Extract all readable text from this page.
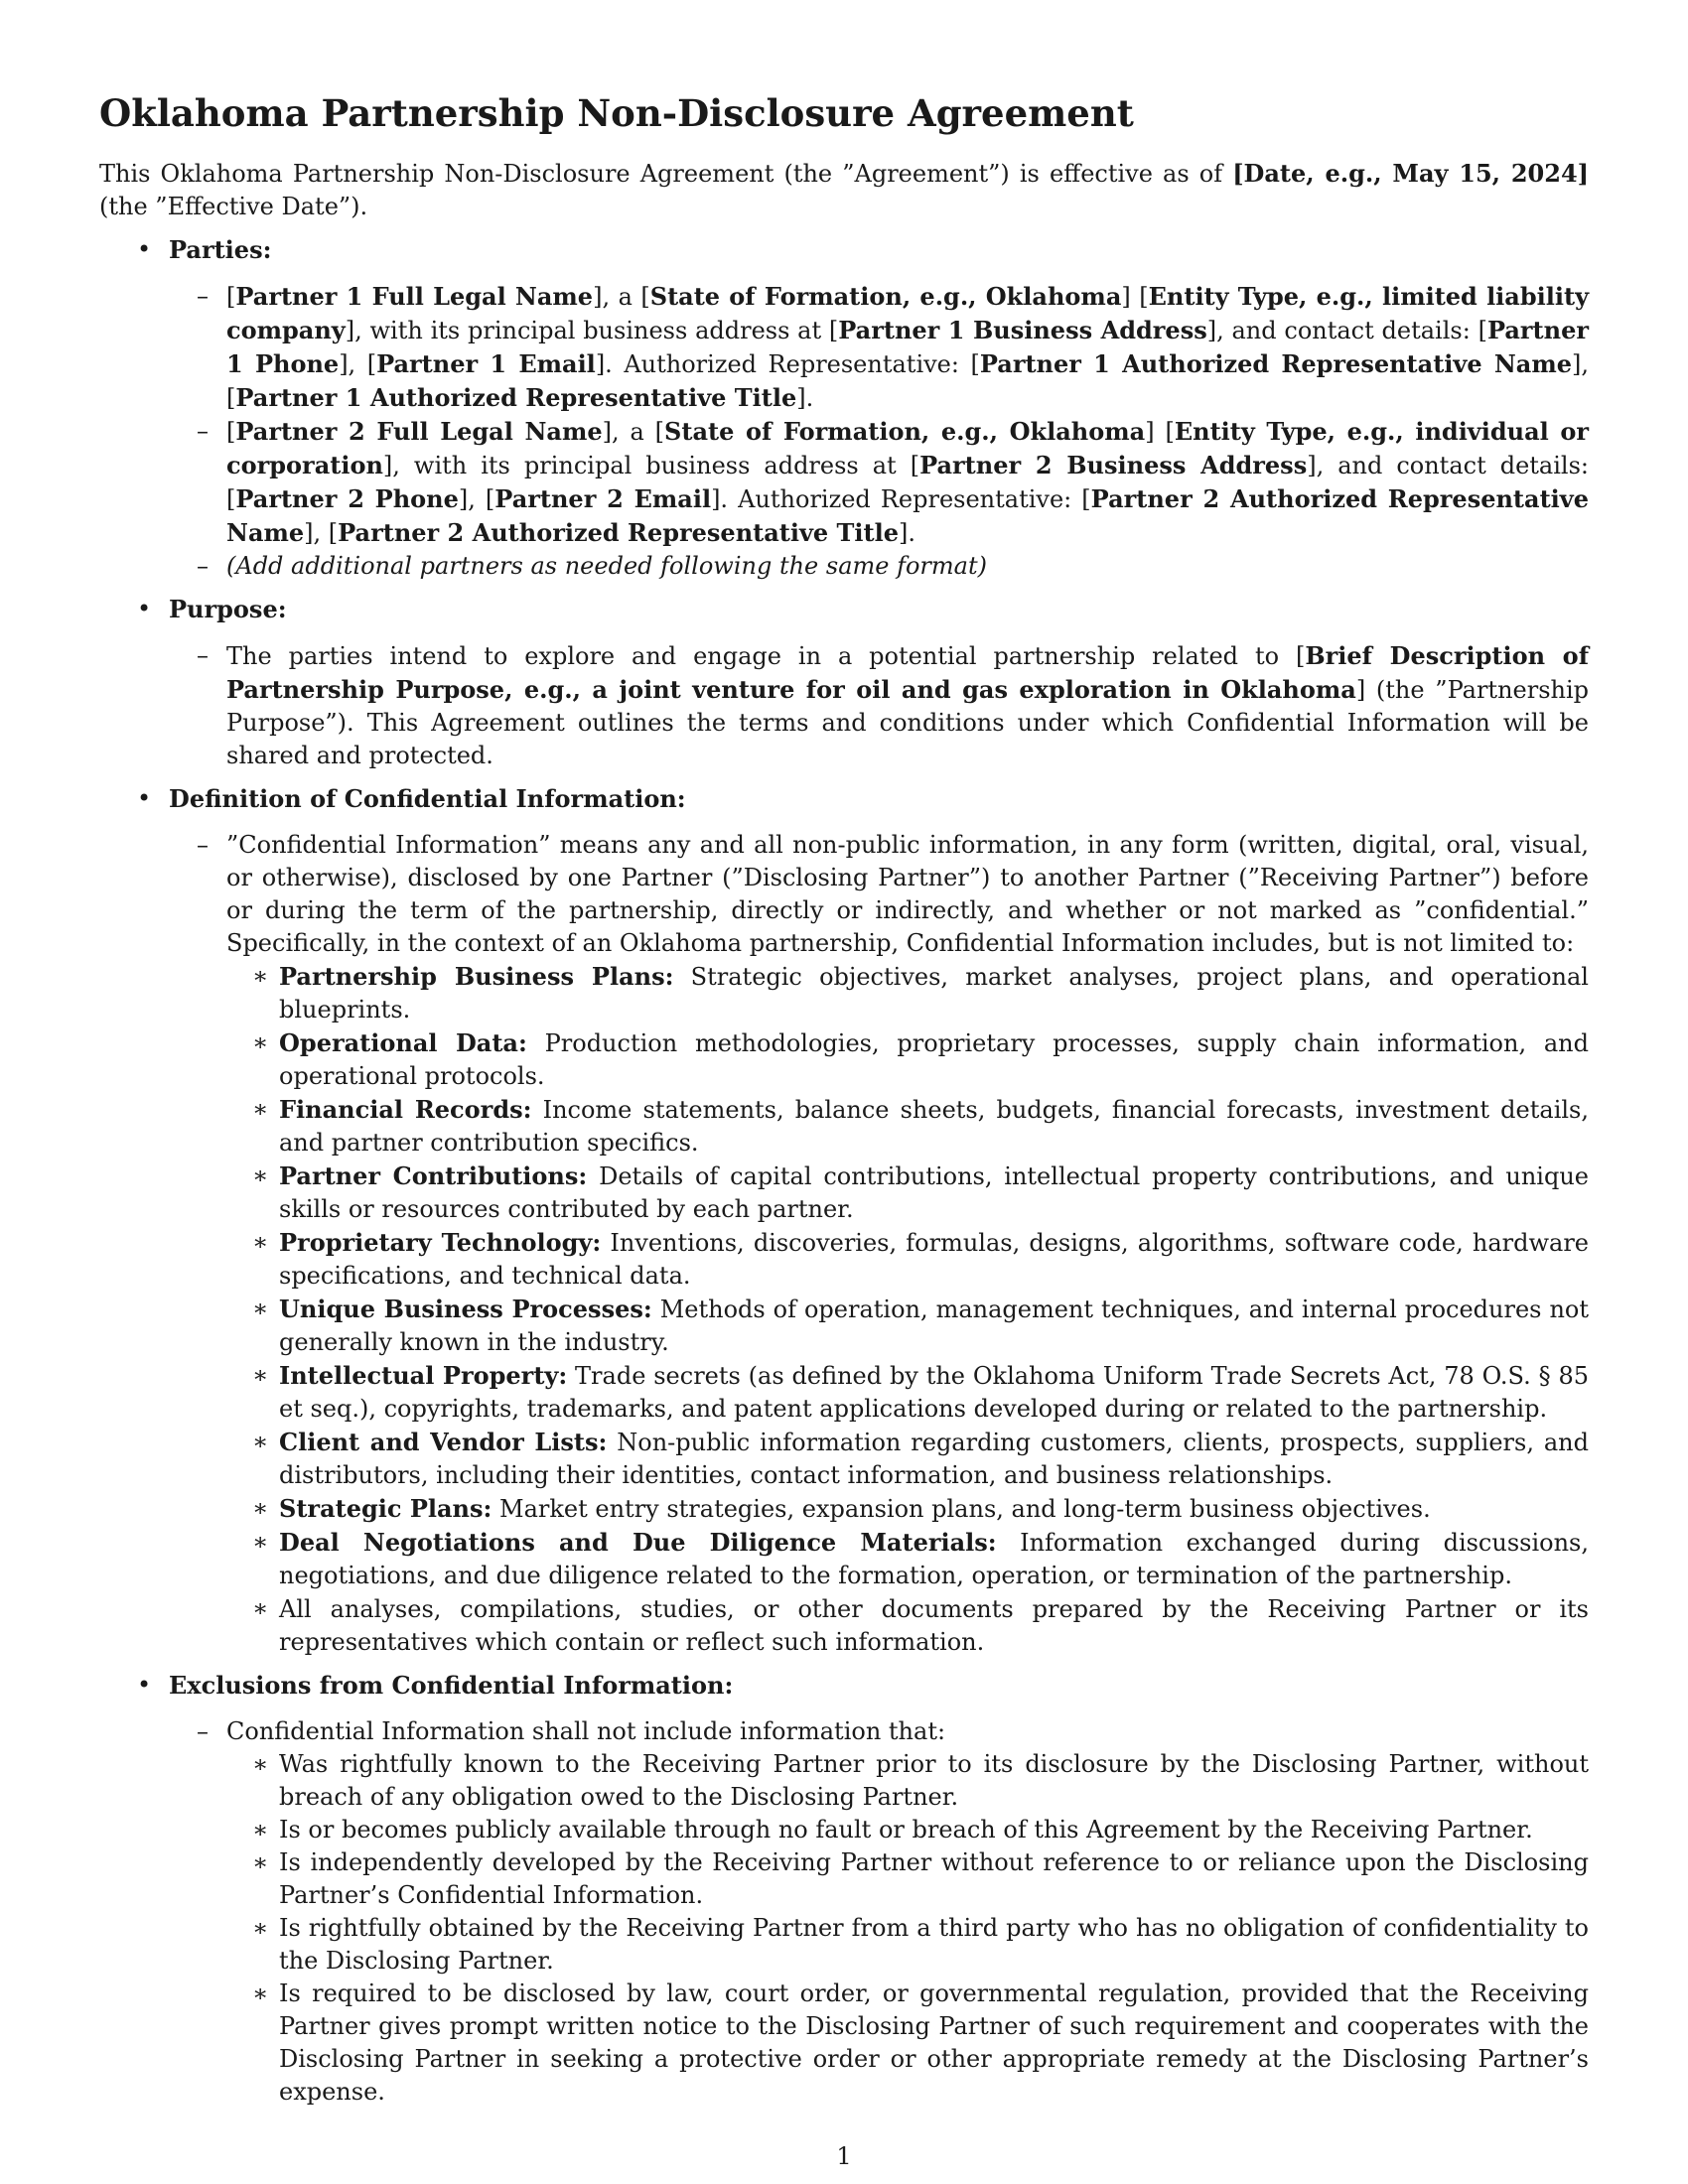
Oklahoma Partnership Non-Disclosure Agreement

This Oklahoma Partnership Non-Disclosure Agreement (the ”Agreement”) is effective as of [Date, e.g., May 15, 2024] (the ”Effective Date”).

• Parties:
– [Partner 1 Full Legal Name], a [State of Formation, e.g., Oklahoma] [Entity Type, e.g., limited liability company], with its principal business address at [Partner 1 Business Address], and contact details: [Partner 1 Phone], [Partner 1 Email]. Authorized Representative: [Partner 1 Authorized Representative Name], [Partner 1 Authorized Representative Title].
– [Partner 2 Full Legal Name], a [State of Formation, e.g., Oklahoma] [Entity Type, e.g., individual or corporation], with its principal business address at [Partner 2 Business Address], and contact details: [Partner 2 Phone], [Partner 2 Email]. Authorized Representative: [Partner 2 Authorized Representative Name], [Partner 2 Authorized Representative Title].
– (Add additional partners as needed following the same format)
• Purpose:
– The parties intend to explore and engage in a potential partnership related to [Brief Description of Partnership Purpose, e.g., a joint venture for oil and gas exploration in Oklahoma] (the ”Partnership Purpose”). This Agreement outlines the terms and conditions under which Confidential Information will be shared and protected.
• Definition of Confidential Information:
– ”Confidential Information” means any and all non-public information, in any form (written, digital, oral, visual, or otherwise), disclosed by one Partner (”Disclosing Partner”) to another Partner (”Receiving Partner”) before or during the term of the partnership, directly or indirectly, and whether or not marked as ”confidential.” Specifically, in the context of an Oklahoma partnership, Confidential Information includes, but is not limited to:
∗ Partnership Business Plans: Strategic objectives, market analyses, project plans, and operational blueprints.
∗ Operational Data: Production methodologies, proprietary processes, supply chain information, and operational protocols.
∗ Financial Records: Income statements, balance sheets, budgets, financial forecasts, investment details, and partner contribution specifics.
∗ Partner Contributions: Details of capital contributions, intellectual property contributions, and unique skills or resources contributed by each partner.
∗ Proprietary Technology: Inventions, discoveries, formulas, designs, algorithms, software code, hardware specifications, and technical data.
∗ Unique Business Processes: Methods of operation, management techniques, and internal procedures not generally known in the industry.
∗ Intellectual Property: Trade secrets (as defined by the Oklahoma Uniform Trade Secrets Act, 78 O.S. § 85 et seq.), copyrights, trademarks, and patent applications developed during or related to the partnership.
∗ Client and Vendor Lists: Non-public information regarding customers, clients, prospects, suppliers, and distributors, including their identities, contact information, and business relationships.
∗ Strategic Plans: Market entry strategies, expansion plans, and long-term business objectives.
∗ Deal Negotiations and Due Diligence Materials: Information exchanged during discussions, negotiations, and due diligence related to the formation, operation, or termination of the partnership.
∗ All analyses, compilations, studies, or other documents prepared by the Receiving Partner or its representatives which contain or reflect such information.
• Exclusions from Confidential Information:
– Confidential Information shall not include information that:
∗ Was rightfully known to the Receiving Partner prior to its disclosure by the Disclosing Partner, without breach of any obligation owed to the Disclosing Partner.
∗ Is or becomes publicly available through no fault or breach of this Agreement by the Receiving Partner.
∗ Is independently developed by the Receiving Partner without reference to or reliance upon the Disclosing Partner’s Confidential Information.
∗ Is rightfully obtained by the Receiving Partner from a third party who has no obligation of confidentiality to the Disclosing Partner.
∗ Is required to be disclosed by law, court order, or governmental regulation, provided that the Receiving Partner gives prompt written notice to the Disclosing Partner of such requirement and cooperates with the Disclosing Partner in seeking a protective order or other appropriate remedy at the Disclosing Partner’s expense.
1
